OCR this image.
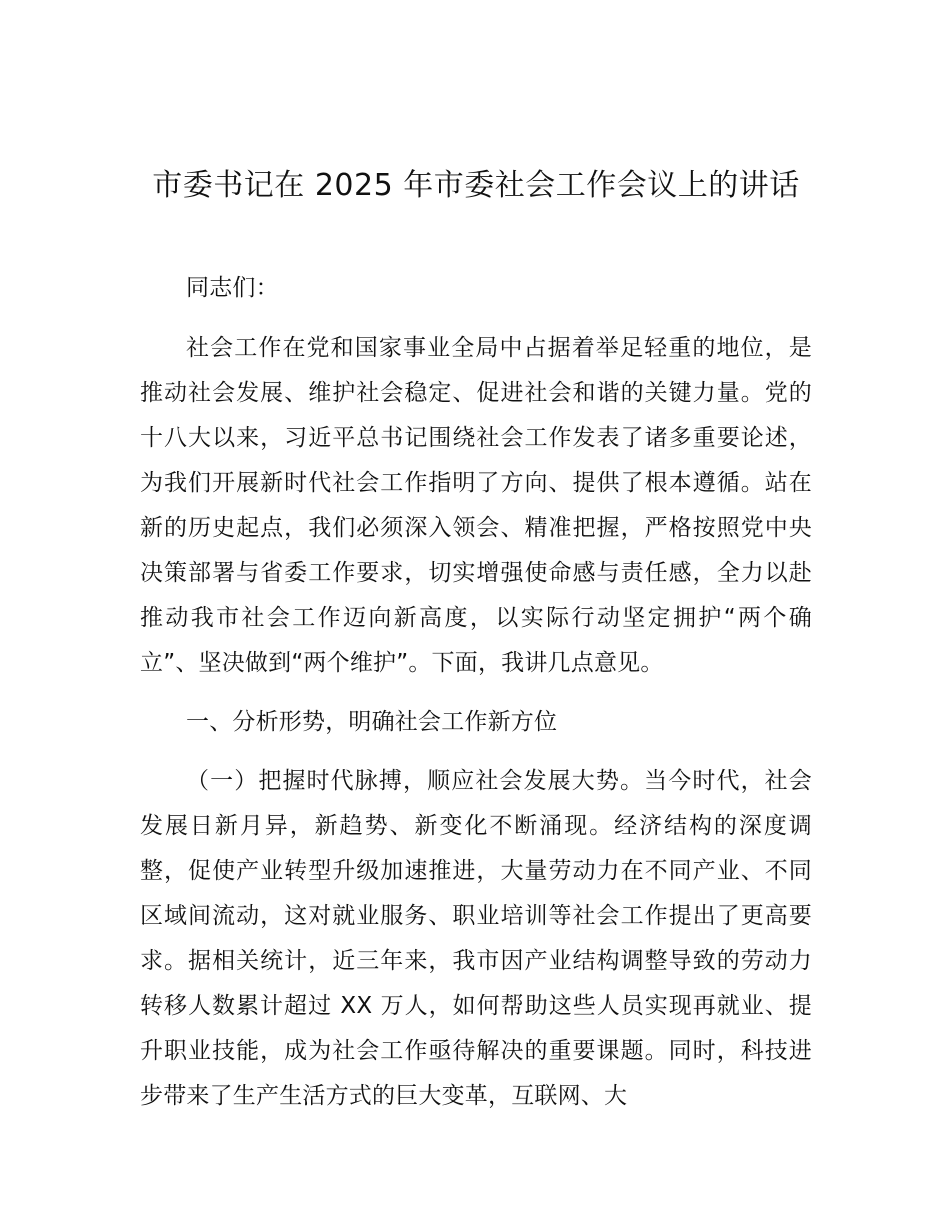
市委书记在 2025 年市委社会工作会议上的讲话

同志们：

社会工作在党和国家事业全局中占据着举足轻重的地位，是推动社会发展、维护社会稳定、促进社会和谐的关键力量。党的十八大以来，习近平总书记围绕社会工作发表了诸多重要论述，为我们开展新时代社会工作指明了方向、提供了根本遵循。站在新的历史起点，我们必须深入领会、精准把握，严格按照党中央决策部署与省委工作要求，切实增强使命感与责任感，全力以赴推动我市社会工作迈向新高度，以实际行动坚定拥护“两个确立”、坚决做到“两个维护”。下面，我讲几点意见。

一、分析形势，明确社会工作新方位

（一）把握时代脉搏，顺应社会发展大势。当今时代，社会发展日新月异，新趋势、新变化不断涌现。经济结构的深度调整，促使产业转型升级加速推进，大量劳动力在不同产业、不同区域间流动，这对就业服务、职业培训等社会工作提出了更高要求。据相关统计，近三年来，我市因产业结构调整导致的劳动力转移人数累计超过 XX 万人，如何帮助这些人员实现再就业、提升职业技能，成为社会工作亟待解决的重要课题。同时，科技进步带来了生产生活方式的巨大变革，互联网、大
